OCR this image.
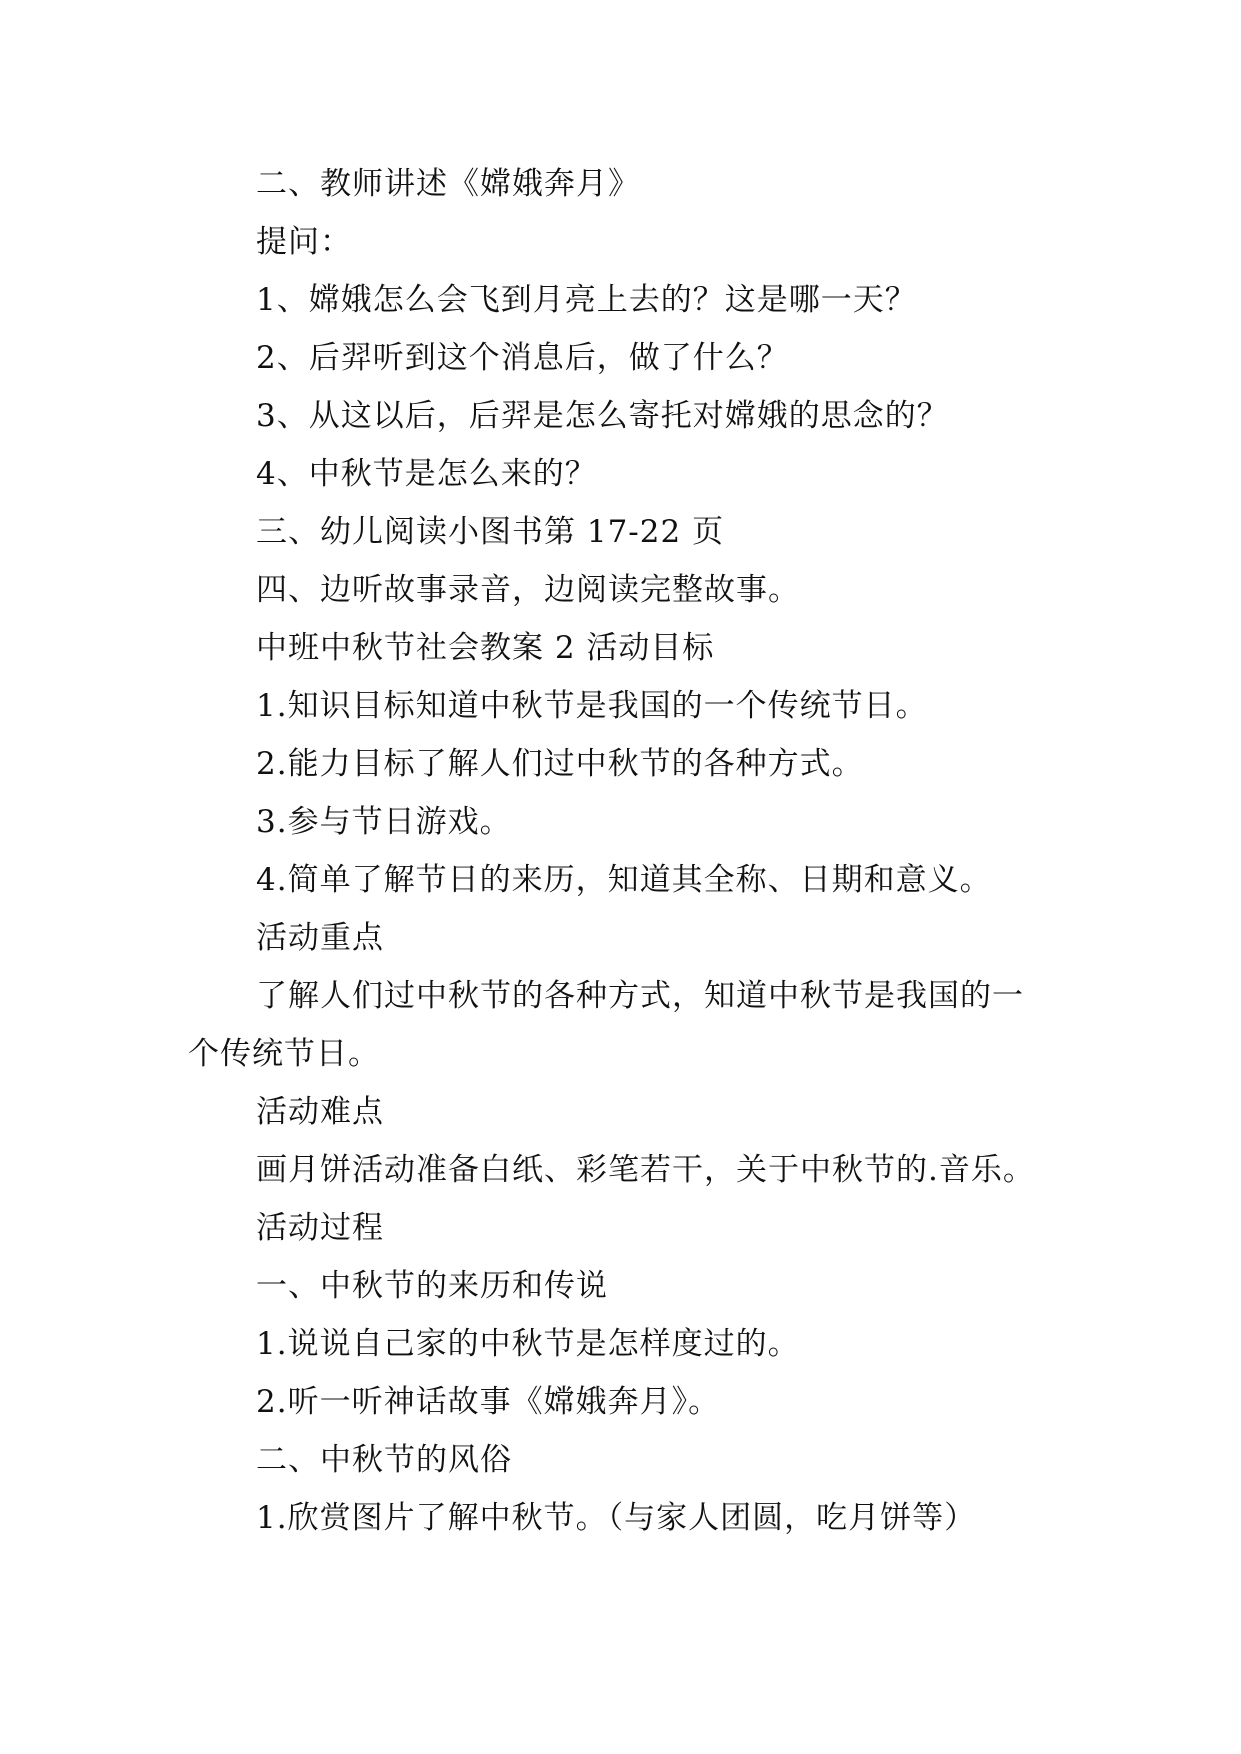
二、教师讲述《嫦娥奔月》
提问：
1、嫦娥怎么会飞到月亮上去的？这是哪一天？
2、后羿听到这个消息后，做了什么？
3、从这以后，后羿是怎么寄托对嫦娥的思念的？
4、中秋节是怎么来的？
三、幼儿阅读小图书第 17-22 页
四、边听故事录音，边阅读完整故事。
中班中秋节社会教案 2 活动目标
1.知识目标知道中秋节是我国的一个传统节日。
2.能力目标了解人们过中秋节的各种方式。
3.参与节日游戏。
4.简单了解节日的来历，知道其全称、日期和意义。
活动重点
了解人们过中秋节的各种方式，知道中秋节是我国的一
个传统节日。
活动难点
画月饼活动准备白纸、彩笔若干，关于中秋节的.音乐。
活动过程
一、中秋节的来历和传说
1.说说自己家的中秋节是怎样度过的。
2.听一听神话故事《嫦娥奔月》。
二、中秋节的风俗
1.欣赏图片了解中秋节。（与家人团圆，吃月饼等）
